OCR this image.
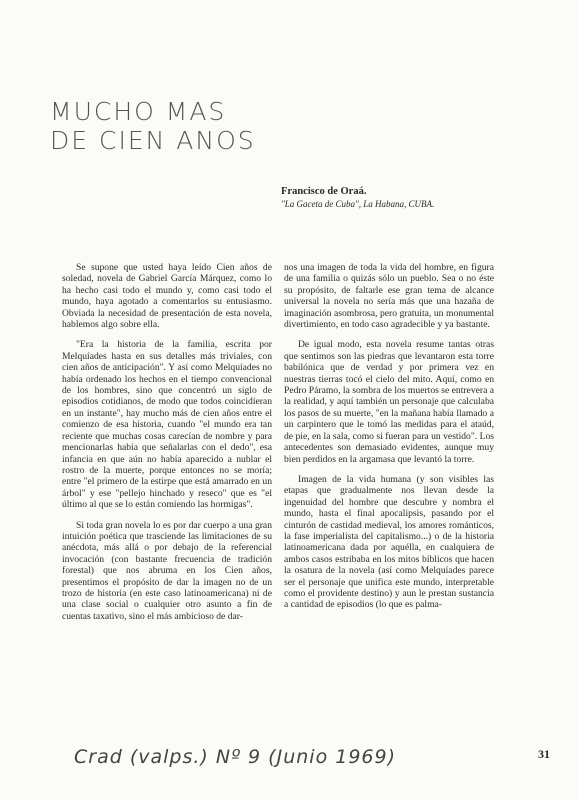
MUCHO MAS
DE CIEN ANOS
Francisco de Oraá.
"La Gaceta de Cuba", La Habana, CUBA.

Se supone que usted haya leído Cien años de soledad, novela de Gabriel García Márquez, como lo ha hecho casi todo el mundo y, como casi todo el mundo, haya agotado a comentarlos su entusiasmo. Obviada la necesidad de presentación de esta novela, hablemos algo sobre ella.

"Era la historia de la familia, escrita por Melquíades hasta en sus detalles más triviales, con cien años de anticipación". Y así como Melquíades no había ordenado los hechos en el tiempo convencional de los hombres, sino que concentró un siglo de episodios cotidianos, de modo que todos coincidieran en un instante", hay mucho más de cien años entre el comienzo de esa historia, cuando "el mundo era tan reciente que muchas cosas carecían de nombre y para mencionarlas había que señalarlas con el dedo", esa infancia en que aún no había aparecido a nublar el rostro de la muerte, porque entonces no se moría; entre "el primero de la estirpe que está amarrado en un árbol" y ese "pellejo hinchado y reseco" que es "el último al que se lo están comiendo las hormigas".

Si toda gran novela lo es por dar cuerpo a una gran intuición poética que trasciende las limitaciones de su anécdota, más allá o por debajo de la referencial invocación (con bastante frecuencia de tradición forestal) que nos abruma en los Cien años, presentimos el propósito de dar la imagen no de un trozo de historia (en este caso latinoamericana) ni de una clase social o cualquier otro asunto a fin de cuentas taxativo, sino el más ambicioso de dar-

nos una imagen de toda la vida del hombre, en figura de una familia o quizás sólo un pueblo. Sea o no éste su propósito, de faltarle ese gran tema de alcance universal la novela no sería más que una hazaña de imaginación asombrosa, pero gratuita, un monumental divertimiento, en todo caso agradecible y ya bastante.

De igual modo, esta novela resume tantas otras que sentimos son las piedras que levantaron esta torre babilónica que de verdad y por primera vez en nuestras tierras tocó el cielo del mito. Aquí, como en Pedro Páramo, la sombra de los muertos se entrevera a la realidad, y aquí también un personaje que calculaba los pasos de su muerte, "en la mañana había llamado a un carpintero que le tomó las medidas para el ataúd, de pie, en la sala, como si fueran para un vestido". Los antecedentes son demasiado evidentes, aunque muy bien perdidos en la argamasa que levantó la torre.

Imagen de la vida humana (y son visibles las etapas que gradualmente nos llevan desde la ingenuidad del hombre que descubre y nombra el mundo, hasta el final apocalipsis, pasando por el cinturón de castidad medieval, los amores románticos, la fase imperialista del capitalismo...) o de la historia latinoamericana dada por aquélla, en cualquiera de ambos casos estribaba en los mitos bíblicos que hacen la osatura de la novela (así como Melquíades parece ser el personaje que unifica este mundo, interpretable como el providente destino) y aun le prestan sustancia a cantidad de episodios (lo que es palma-

Crad (valps.) Nº 9 (Junio 1969)	31
